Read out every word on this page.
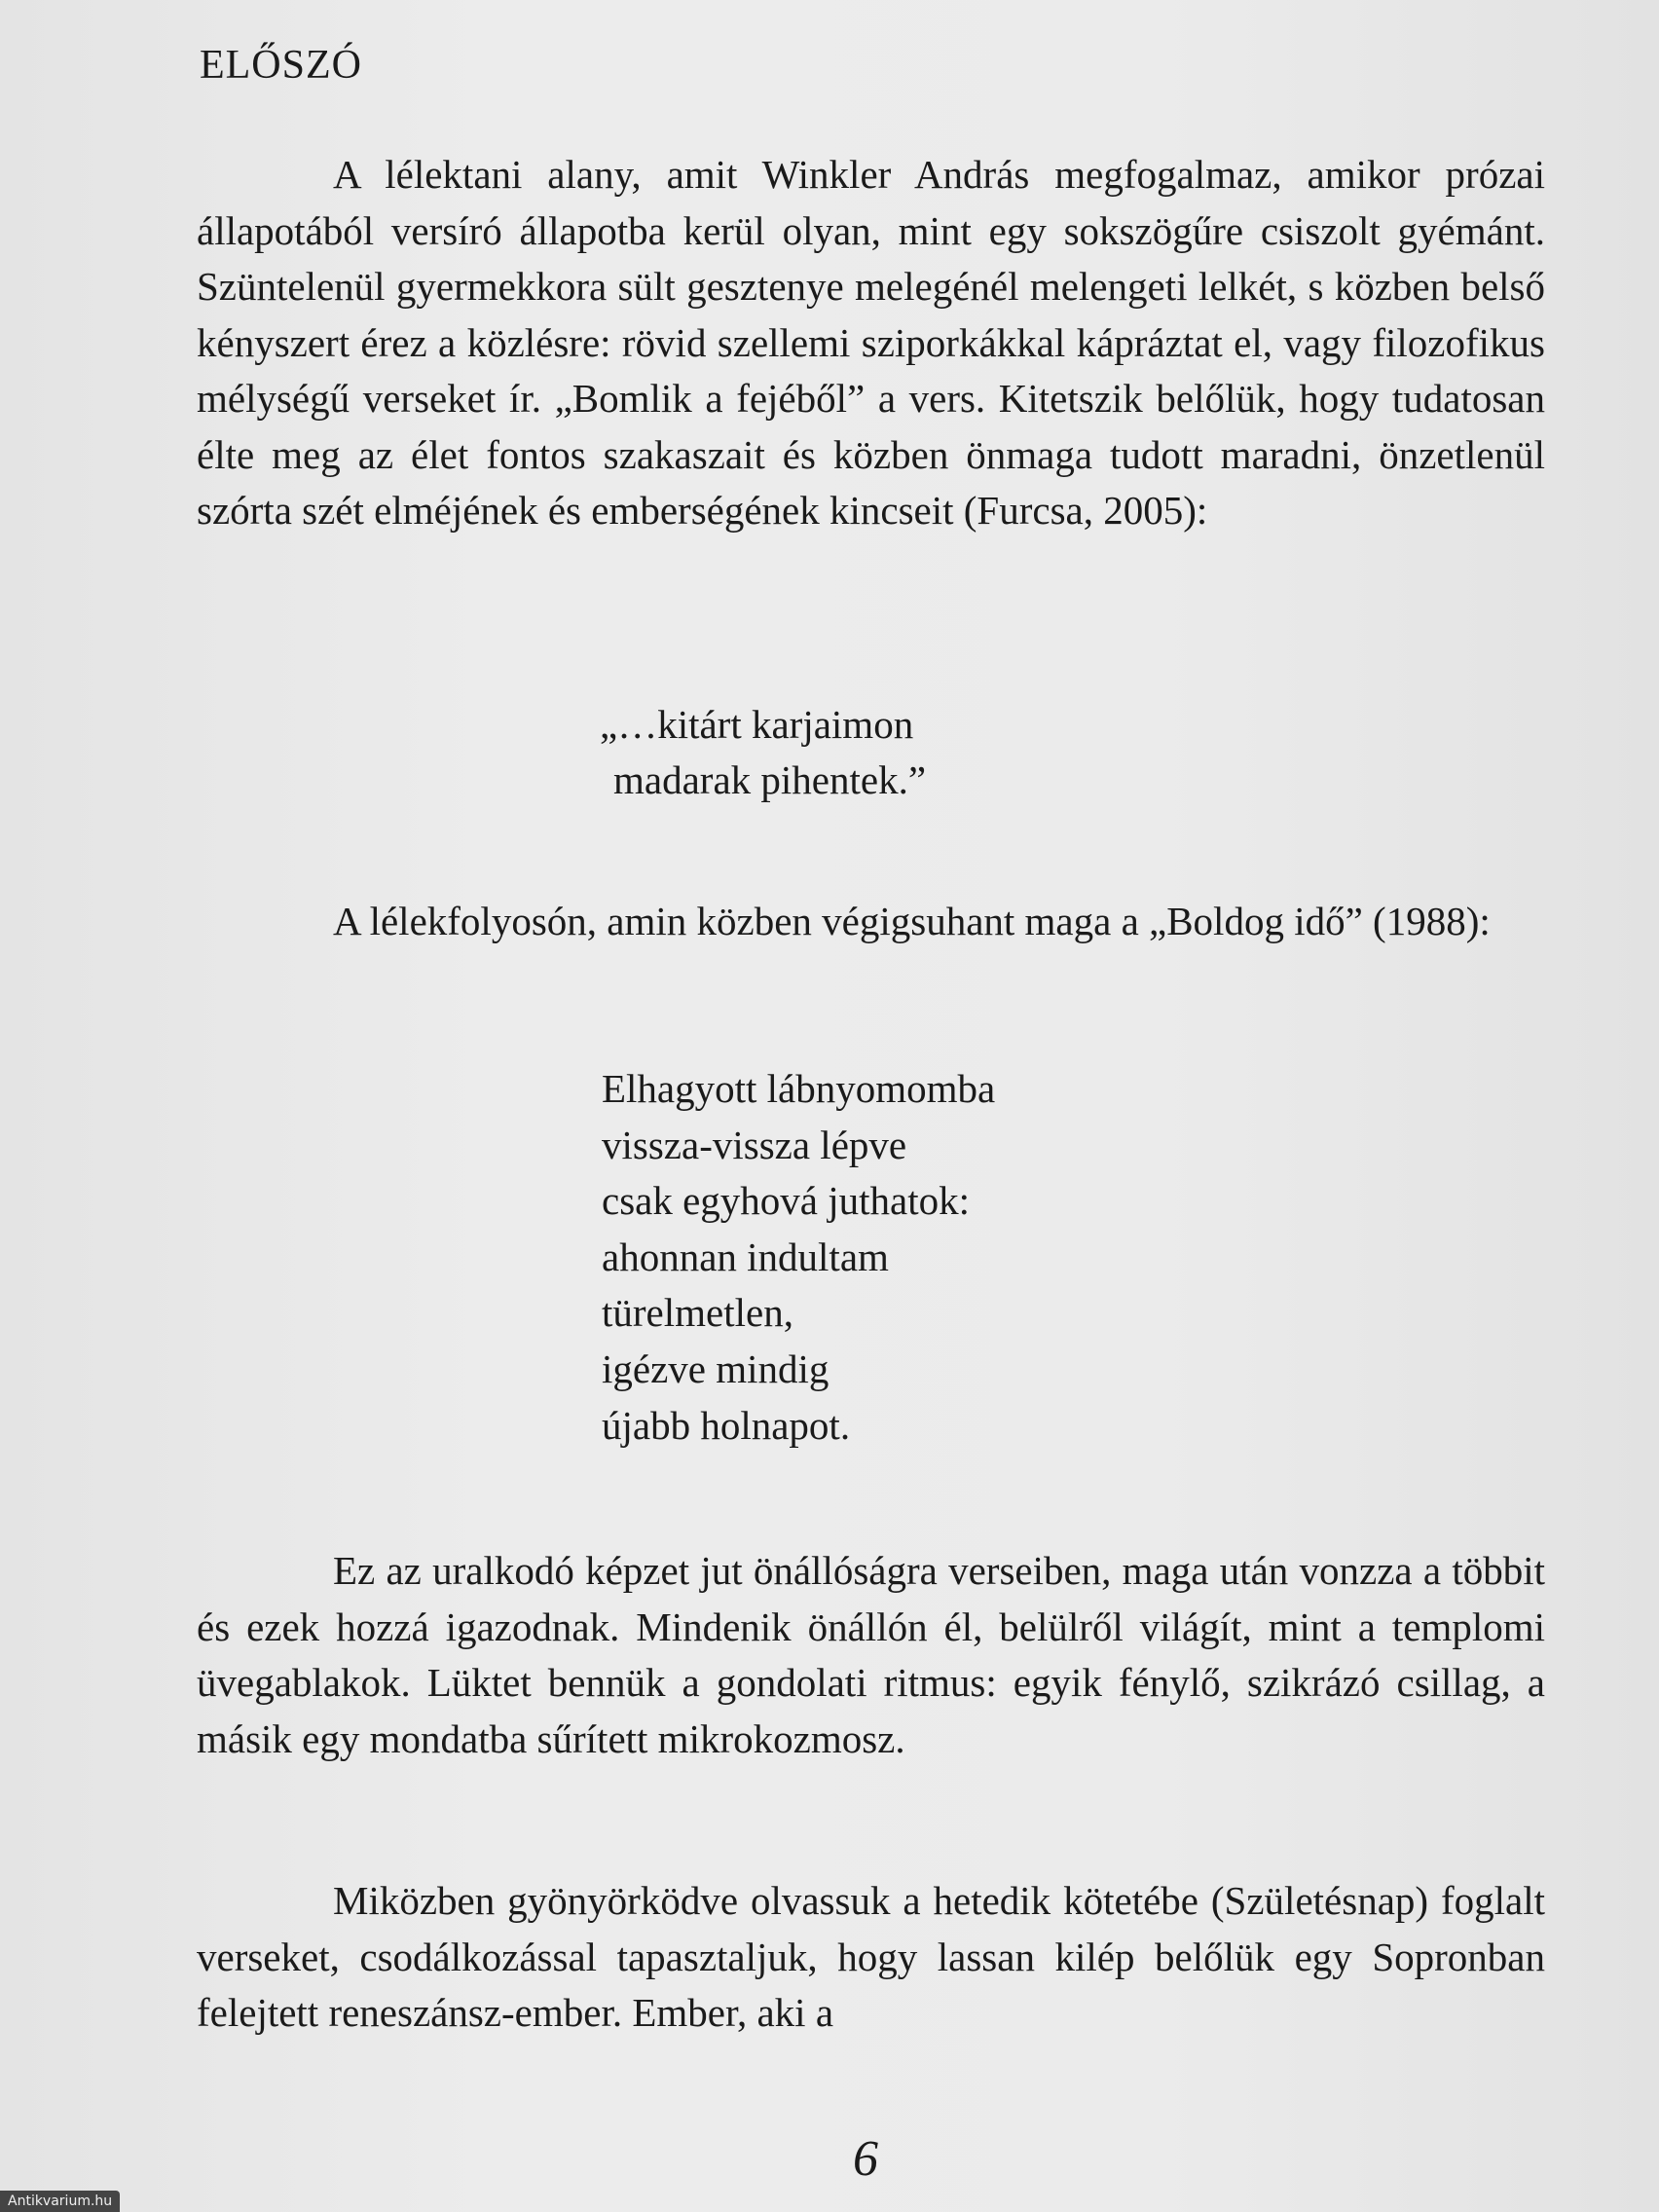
ELŐSZÓ

A lélektani alany, amit Winkler András megfogalmaz, amikor prózai állapotából versíró állapotba kerül olyan, mint egy sokszögűre csiszolt gyémánt. Szüntelenül gyermekkora sült gesztenye melegénél melengeti lelkét, s közben belső kényszert érez a közlésre: rövid szellemi sziporkákkal kápráztat el, vagy filozofikus mélységű verseket ír. „Bomlik a fejéből” a vers. Kitetszik belőlük, hogy tudatosan élte meg az élet fontos szakaszait és közben önmaga tudott maradni, önzetlenül szórta szét elméjének és emberségének kincseit (Furcsa, 2005):

„…kitárt karjaimon
madarak pihentek.”

A lélekfolyosón, amin közben végigsuhant maga a „Boldog idő” (1988):

Elhagyott lábnyomomba
vissza-vissza lépve
csak egyhová juthatok:
ahonnan indultam
türelmetlen,
igézve mindig
újabb holnapot.

Ez az uralkodó képzet jut önállóságra verseiben, maga után vonzza a többit és ezek hozzá igazodnak. Mindenik önállón él, belülről világít, mint a templomi üvegablakok. Lüktet bennük a gondolati ritmus: egyik fénylő, szikrázó csillag, a másik egy mondatba sűrített mikrokozmosz.

Miközben gyönyörködve olvassuk a hetedik kötetébe (Születésnap) foglalt verseket, csodálkozással tapasztaljuk, hogy lassan kilép belőlük egy Sopronban felejtett reneszánsz-ember. Ember, aki a

6
Antikvarium.hu
